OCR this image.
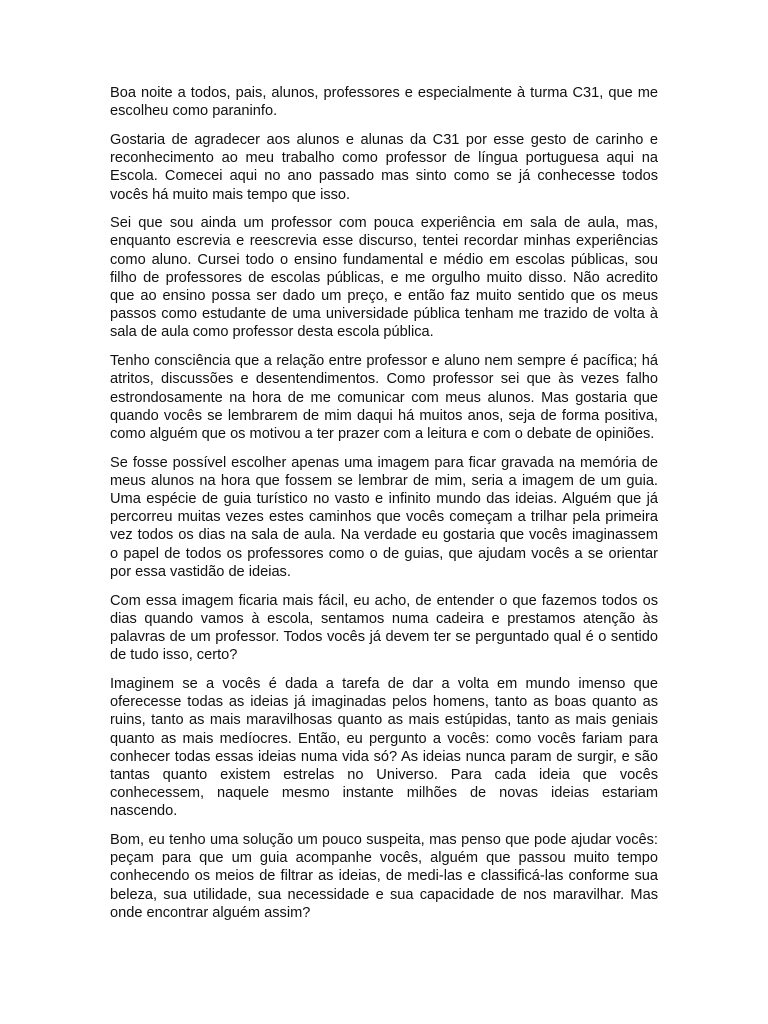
Boa noite a todos, pais, alunos, professores e especialmente à turma C31, que me escolheu como paraninfo.

Gostaria de agradecer aos alunos e alunas da C31 por esse gesto de carinho e reconhecimento ao meu trabalho como professor de língua portuguesa aqui na Escola. Comecei aqui no ano passado mas sinto como se já conhecesse todos vocês há muito mais tempo que isso.

Sei que sou ainda um professor com pouca experiência em sala de aula, mas, enquanto escrevia e reescrevia esse discurso, tentei recordar minhas experiências como aluno. Cursei todo o ensino fundamental e médio em escolas públicas, sou filho de professores de escolas públicas, e me orgulho muito disso. Não acredito que ao ensino possa ser dado um preço, e então faz muito sentido que os meus passos como estudante de uma universidade pública tenham me trazido de volta à sala de aula como professor desta escola pública.

Tenho consciência que a relação entre professor e aluno nem sempre é pacífica; há atritos, discussões e desentendimentos. Como professor sei que às vezes falho estrondosamente na hora de me comunicar com meus alunos. Mas gostaria que quando vocês se lembrarem de mim daqui há muitos anos, seja de forma positiva, como alguém que os motivou a ter prazer com a leitura e com o debate de opiniões.

Se fosse possível escolher apenas uma imagem para ficar gravada na memória de meus alunos na hora que fossem se lembrar de mim, seria a imagem de um guia. Uma espécie de guia turístico no vasto e infinito mundo das ideias. Alguém que já percorreu muitas vezes estes caminhos que vocês começam a trilhar pela primeira vez todos os dias na sala de aula. Na verdade eu gostaria que vocês imaginassem o papel de todos os professores como o de guias, que ajudam vocês a se orientar por essa vastidão de ideias.

Com essa imagem ficaria mais fácil, eu acho, de entender o que fazemos todos os dias quando vamos à escola, sentamos numa cadeira e prestamos atenção às palavras de um professor. Todos vocês já devem ter se perguntado qual é o sentido de tudo isso, certo?

Imaginem se a vocês é dada a tarefa de dar a volta em mundo imenso que oferecesse todas as ideias já imaginadas pelos homens, tanto as boas quanto as ruins, tanto as mais maravilhosas quanto as mais estúpidas, tanto as mais geniais quanto as mais medíocres. Então, eu pergunto a vocês: como vocês fariam para conhecer todas essas ideias numa vida só? As ideias nunca param de surgir, e são tantas quanto existem estrelas no Universo. Para cada ideia que vocês conhecessem, naquele mesmo instante milhões de novas ideias estariam nascendo.

Bom, eu tenho uma solução um pouco suspeita, mas penso que pode ajudar vocês: peçam para que um guia acompanhe vocês, alguém que passou muito tempo conhecendo os meios de filtrar as ideias, de medi-las e classificá-las conforme sua beleza, sua utilidade, sua necessidade e sua capacidade de nos maravilhar. Mas onde encontrar alguém assim?
